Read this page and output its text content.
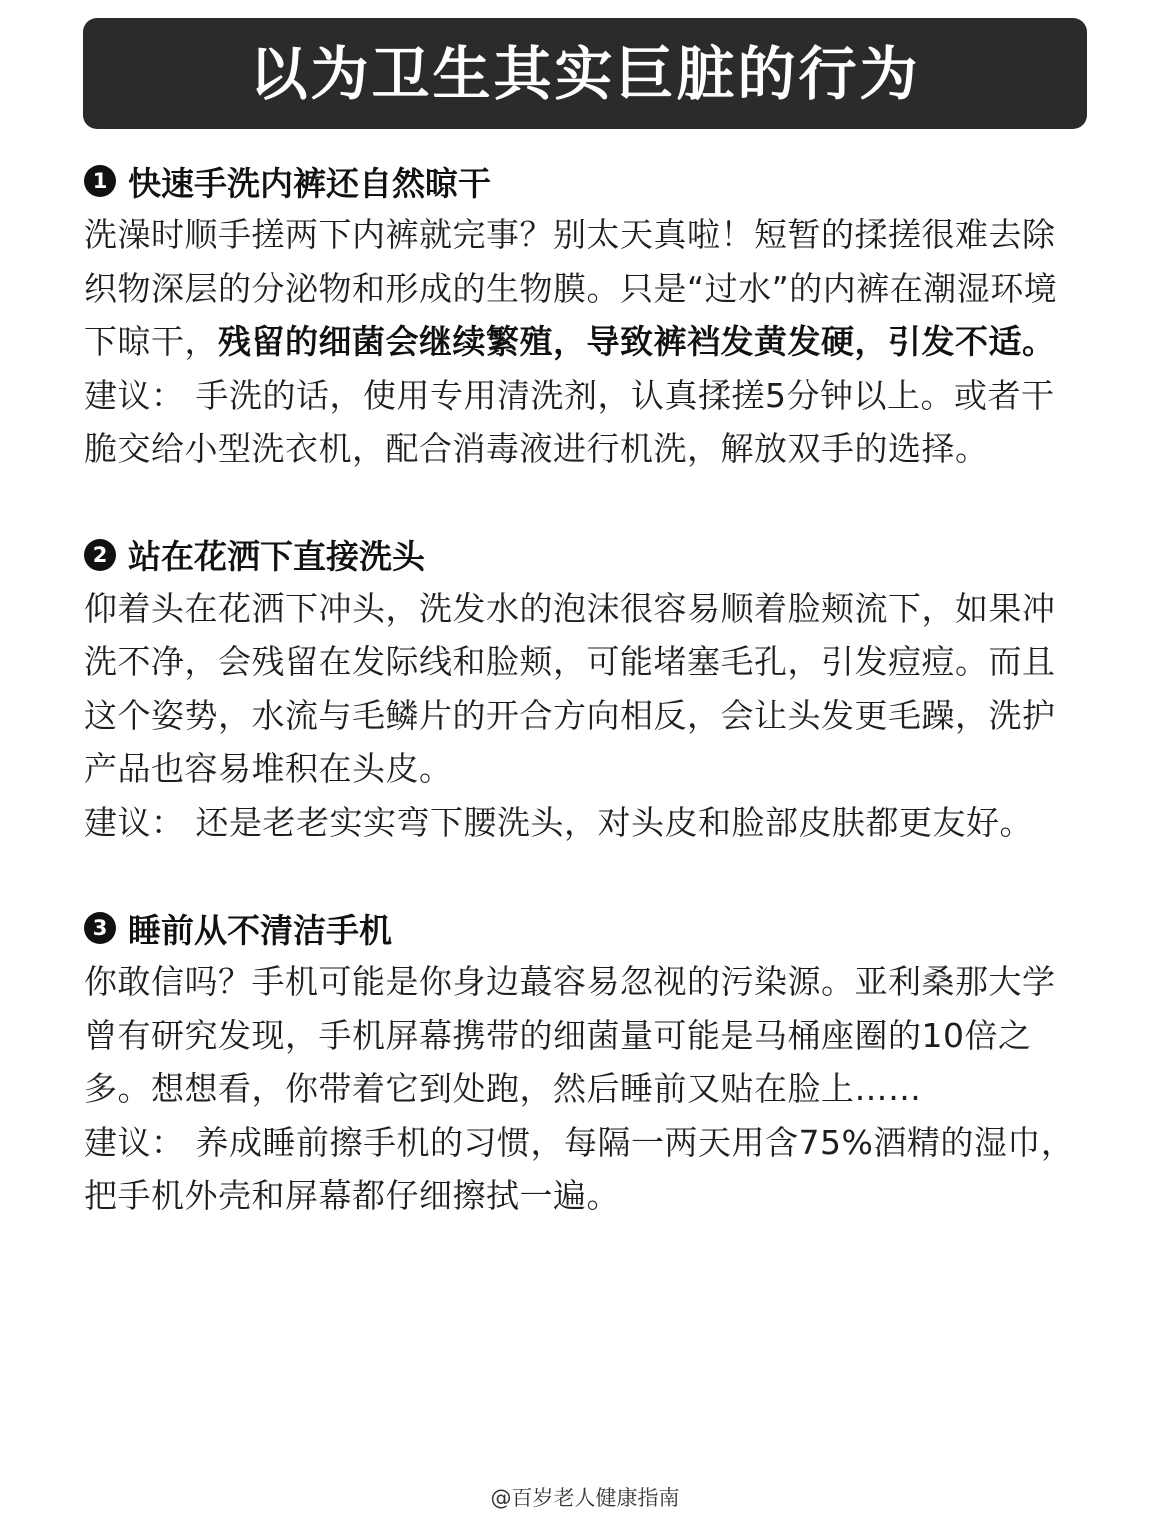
以为卫生其实巨脏的行为
1 快速手洗内裤还自然晾干

洗澡时顺手搓两下内裤就完事？别太天真啦！短暂的揉搓很难去除织物深层的分泌物和形成的生物膜。只是“过水”的内裤在潮湿环境下晾干，残留的细菌会继续繁殖，导致裤裆发黄发硬，引发不适。

建议： 手洗的话，使用专用清洗剂，认真揉搓5分钟以上。或者干脆交给小型洗衣机，配合消毒液进行机洗，解放双手的选择。

2 站在花洒下直接洗头

仰着头在花洒下冲头，洗发水的泡沫很容易顺着脸颊流下，如果冲洗不净，会残留在发际线和脸颊，可能堵塞毛孔，引发痘痘。而且这个姿势，水流与毛鳞片的开合方向相反，会让头发更毛躁，洗护产品也容易堆积在头皮。

建议： 还是老老实实弯下腰洗头，对头皮和脸部皮肤都更友好。

3 睡前从不清洁手机

你敢信吗？手机可能是你身边蕞容易忽视的污染源。亚利桑那大学曾有研究发现，手机屏幕携带的细菌量可能是马桶座圈的10倍之多。想想看，你带着它到处跑，然后睡前又贴在脸上……

建议： 养成睡前擦手机的习惯，每隔一两天用含75%酒精的湿巾，把手机外壳和屏幕都仔细擦拭一遍。

@百岁老人健康指南
